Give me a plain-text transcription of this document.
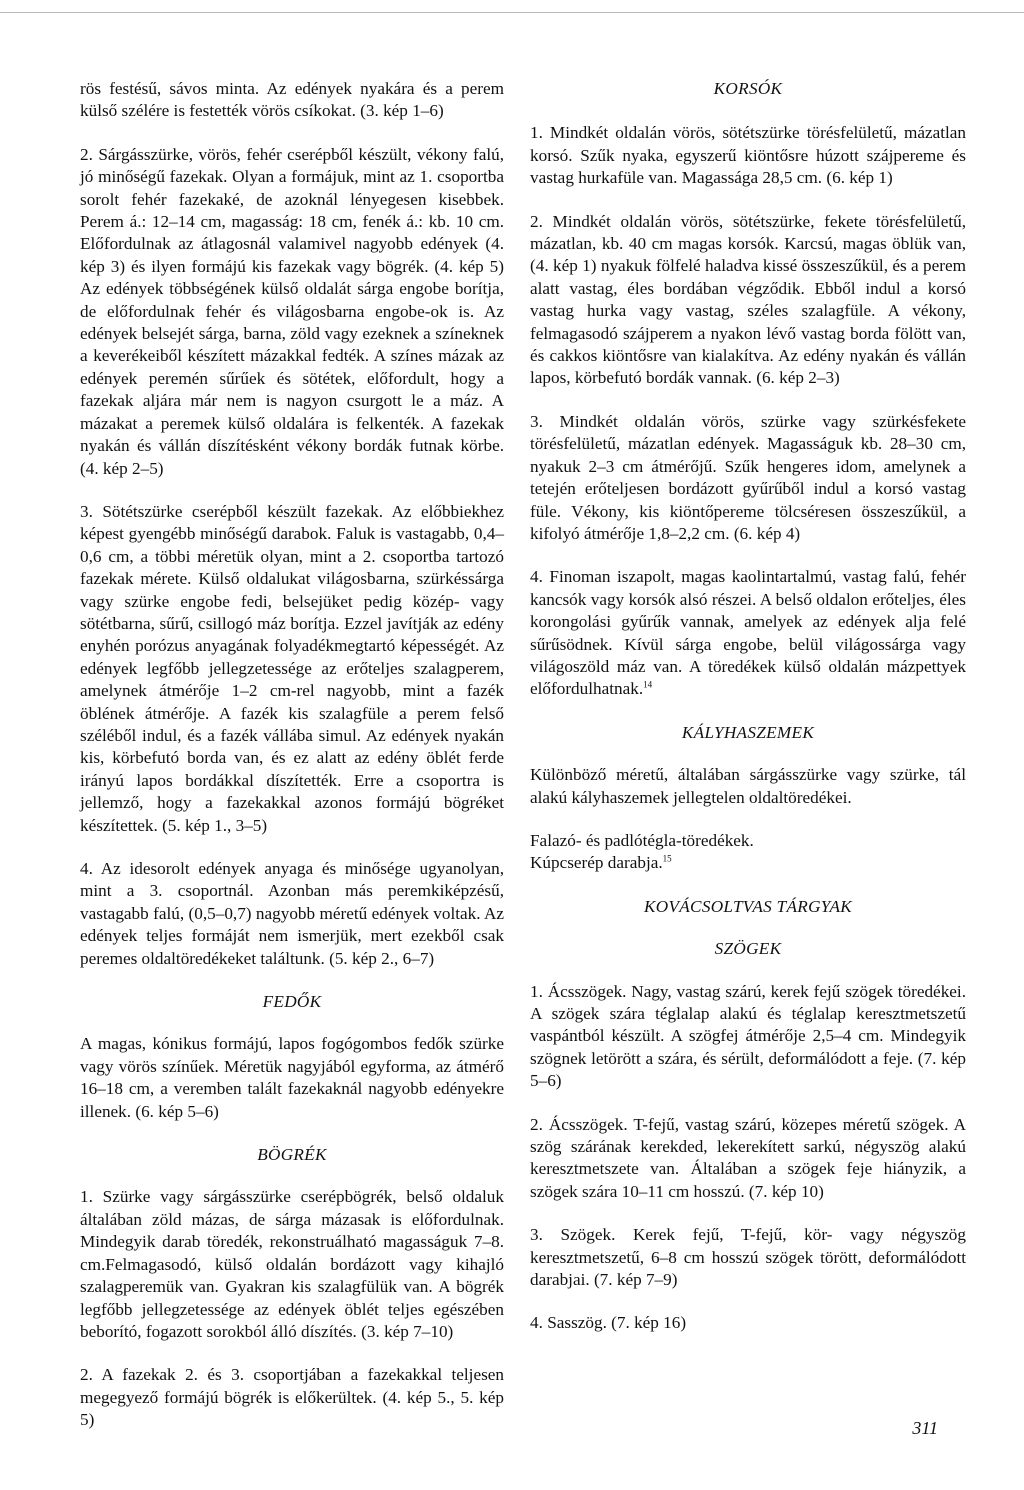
rös festésű, sávos minta. Az edények nyakára és a perem külső szélére is festették vörös csíkokat. (3. kép 1–6)

2. Sárgásszürke, vörös, fehér cserépből készült, vékony falú, jó minőségű fazekak. Olyan a formájuk, mint az 1. csoportba sorolt fehér fazekaké, de azoknál lényegesen kisebbek. Perem á.: 12–14 cm, magasság: 18 cm, fenék á.: kb. 10 cm. Előfordulnak az átlagosnál valamivel nagyobb edények (4. kép 3) és ilyen formájú kis fazekak vagy bögrék. (4. kép 5) Az edények többségének külső oldalát sárga engobe borítja, de előfordulnak fehér és világosbarna engobe-ok is. Az edények belsejét sárga, barna, zöld vagy ezeknek a színeknek a keverékeiből készített mázakkal fedték. A színes mázak az edények peremén sűrűek és sötétek, előfordult, hogy a fazekak aljára már nem is nagyon csurgott le a máz. A mázakat a peremek külső oldalára is felkenték. A fazekak nyakán és vállán díszítésként vékony bordák futnak körbe. (4. kép 2–5)

3. Sötétszürke cserépből készült fazekak. Az előbbiekhez képest gyengébb minőségű darabok. Faluk is vastagabb, 0,4–0,6 cm, a többi méretük olyan, mint a 2. csoportba tartozó fazekak mérete. Külső oldalukat világosbarna, szürkéssárga vagy szürke engobe fedi, belsejüket pedig közép- vagy sötétbarna, sűrű, csillogó máz borítja. Ezzel javítják az edény enyhén porózus anyagának folyadékmegtartó képességét. Az edények legfőbb jellegzetessége az erőteljes szalagperem, amelynek átmérője 1–2 cm-rel nagyobb, mint a fazék öblének átmérője. A fazék kis szalagfüle a perem felső széléből indul, és a fazék vállába simul. Az edények nyakán kis, körbefutó borda van, és ez alatt az edény öblét ferde irányú lapos bordákkal díszítették. Erre a csoportra is jellemző, hogy a fazekakkal azonos formájú bögréket készítettek. (5. kép 1., 3–5)

4. Az idesorolt edények anyaga és minősége ugyanolyan, mint a 3. csoportnál. Azonban más peremkiképzésű, vastagabb falú, (0,5–0,7) nagyobb méretű edények voltak. Az edények teljes formáját nem ismerjük, mert ezekből csak peremes oldaltöredékeket találtunk. (5. kép 2., 6–7)

FEDŐK

A magas, kónikus formájú, lapos fogógombos fedők szürke vagy vörös színűek. Méretük nagyjából egyforma, az átmérő 16–18 cm, a veremben talált fazekaknál nagyobb edényekre illenek. (6. kép 5–6)

BÖGRÉK

1. Szürke vagy sárgásszürke cserépbögrék, belső oldaluk általában zöld mázas, de sárga mázasak is előfordulnak. Mindegyik darab töredék, rekonstruálható magasságuk 7–8. cm.Felmagasodó, külső oldalán bordázott vagy kihajló szalagperemük van. Gyakran kis szalagfülük van. A bögrék legfőbb jellegzetessége az edények öblét teljes egészében beborító, fogazott sorokból álló díszítés. (3. kép 7–10)

2. A fazekak 2. és 3. csoportjában a fazekakkal teljesen megegyező formájú bögrék is előkerültek. (4. kép 5., 5. kép 5)

KORSÓK

1. Mindkét oldalán vörös, sötétszürke törésfelületű, mázatlan korsó. Szűk nyaka, egyszerű kiöntősre húzott szájpereme és vastag hurkafüle van. Magassága 28,5 cm. (6. kép 1)

2. Mindkét oldalán vörös, sötétszürke, fekete törésfelületű, mázatlan, kb. 40 cm magas korsók. Karcsú, magas öblük van, (4. kép 1) nyakuk fölfelé haladva kissé összeszűkül, és a perem alatt vastag, éles bordában végződik. Ebből indul a korsó vastag hurka vagy vastag, széles szalagfüle. A vékony, felmagasodó szájperem a nyakon lévő vastag borda fölött van, és cakkos kiöntősre van kialakítva. Az edény nyakán és vállán lapos, körbefutó bordák vannak. (6. kép 2–3)

3. Mindkét oldalán vörös, szürke vagy szürkésfekete törésfelületű, mázatlan edények. Magasságuk kb. 28–30 cm, nyakuk 2–3 cm átmérőjű. Szűk hengeres idom, amelynek a tetején erőteljesen bordázott gyűrűből indul a korsó vastag füle. Vékony, kis kiöntőpereme tölcséresen összeszűkül, a kifolyó átmérője 1,8–2,2 cm. (6. kép 4)

4. Finoman iszapolt, magas kaolintartalmú, vastag falú, fehér kancsók vagy korsók alsó részei. A belső oldalon erőteljes, éles korongolási gyűrűk vannak, amelyek az edények alja felé sűrűsödnek. Kívül sárga engobe, belül világossárga vagy világoszöld máz van. A töredékek külső oldalán mázpettyek előfordulhatnak.$^{14}$

KÁLYHASZEMEK

Különböző méretű, általában sárgásszürke vagy szürke, tál alakú kályhaszemek jellegtelen oldaltöredékei.

Falazó- és padlótégla-töredékek.

Kúpcserép darabja.$^{15}$

KOVÁCSOLTVAS TÁRGYAK
SZÖGEK

1. Ácsszögek. Nagy, vastag szárú, kerek fejű szögek töredékei. A szögek szára téglalap alakú és téglalap keresztmetszetű vaspántból készült. A szögfej átmérője 2,5–4 cm. Mindegyik szögnek letörött a szára, és sérült, deformálódott a feje. (7. kép 5–6)

2. Ácsszögek. T-fejű, vastag szárú, közepes méretű szögek. A szög szárának kerekded, lekerekített sarkú, négyszög alakú keresztmetszete van. Általában a szögek feje hiányzik, a szögek szára 10–11 cm hosszú. (7. kép 10)

3. Szögek. Kerek fejű, T-fejű, kör- vagy négyszög keresztmetszetű, 6–8 cm hosszú szögek törött, deformálódott darabjai. (7. kép 7–9)

4. Sasszög. (7. kép 16)

311
